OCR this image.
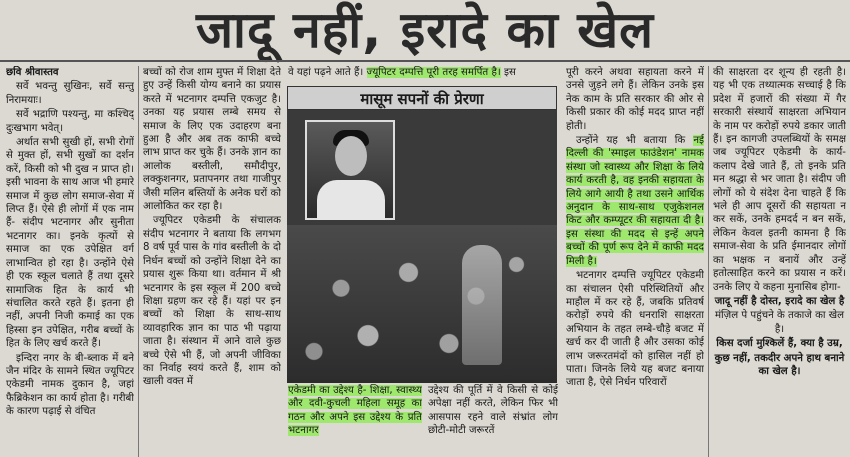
जादू नहीं, इरादे का खेल

छवि श्रीवास्तव

सर्वे भवन्तु सुखिनः, सर्वे सन्तु निरामयाः।

सर्वे भद्राणि पश्यन्तु, मा कश्चिद् दुःखभाग भवेत्।

अर्थात सभी सुखी हों, सभी रोगों से मुक्त हों, सभी सुखों का दर्शन करें, किसी को भी दुख न प्राप्त हो। इसी भावना के साथ आज भी हमारे समाज में कुछ लोग समाज-सेवा में लिप्त हैं। ऐसे ही लोगों में एक नाम हैं- संदीप भटनागर और सुनीता भटनागर का। इनके कृत्यों से समाज का एक उपेक्षित वर्ग लाभान्वित हो रहा है। उन्होंने ऐसे ही एक स्कूल चलाते हैं तथा दूसरे सामाजिक हित के कार्य भी संचालित करते रहते हैं। इतना ही नहीं, अपनी निजी कमाई का एक हिस्सा इन उपेक्षित, गरीब बच्चों के हित के लिए खर्च करते हैं।

इन्दिरा नगर के बी-ब्लाक में बने जैन मंदिर के सामने स्थित ज्यूपिटर एकेडमी नामक दुकान है, जहां फैब्रिकेशन का कार्य होता है। गरीबी के कारण पढ़ाई से वंचित

बच्चों को रोज शाम मुफ्त में शिक्षा देते हुए उन्हें किसी योग्य बनाने का प्रयास करते में भटनागर दम्पत्ति एकजुट है। उनका यह प्रयास लम्बे समय से समाज के लिए एक उदाहरण बना हुआ है और अब तक काफी बच्चे लाभ प्राप्त कर चुके हैं। उनके ज्ञान का आलोक बस्तीली, समौदीपुर, लक्कुशनगर, प्रतापनगर तथा गाजीपुर जैसी मलिन बस्तियों के अनेक घरों को आलोकित कर रहा है।

ज्यूपिटर एकेडमी के संचालक संदीप भटनागर ने बताया कि लगभग 8 वर्ष पूर्व पास के गांव बस्तीली के दो निर्धन बच्चों को उन्होंने शिक्षा देने का प्रयास शुरू किया था। वर्तमान में श्री भटनागर के इस स्कूल में 200 बच्चे शिक्षा ग्रहण कर रहे हैं। यहां पर इन बच्चों को शिक्षा के साथ-साथ व्यावहारिक ज्ञान का पाठ भी पढ़ाया जाता है। संस्थान में आने वाले कुछ बच्चे ऐसे भी हैं, जो अपनी जीविका का निर्वाह स्वयं करते हैं, शाम को खाली वक्त में

वे यहां पढ़ने आते हैं। ज्यूपिटर दम्पत्ति पूरी तरह समर्पित है। इस
मासूम सपनों की प्रेरणा
एकेडमी का उद्देश्य है- शिक्षा, स्वास्थ्य और दवी-कुचली महिला समूह का गठन और अपने इस उद्देश्य के प्रति भटनागर

उद्देश्य की पूर्ति में वे किसी से कोई अपेक्षा नहीं करते, लेकिन फिर भी आसपास रहने वाले संभ्रांत लोग छोटी-मोटी जरूरतें

पूरी करने अथवा सहायता करने में उनसे जुड़ने लगे हैं। लेकिन उनके इस नेक काम के प्रति सरकार की ओर से किसी प्रकार की कोई मदद प्राप्त नहीं होती।

उन्होंने यह भी बताया कि नई दिल्ली की 'स्माइल फाउंडेशन' नामक संस्था जो स्वास्थ्य और शिक्षा के लिये कार्य करती है, वह इनकी सहायता के लिये आगे आयी है तथा उसने आर्थिक अनुदान के साथ-साथ एजुकेशनल किट और कम्प्यूटर की सहायता दी है। इस संस्था की मदद से इन्हें अपने बच्चों की पूर्ण रूप देने में काफी मदद मिली है।

भटनागर दम्पत्ति ज्यूपिटर एकेडमी का संचालन ऐसी परिस्थितियों और माहौल में कर रहे हैं, जबकि प्रतिवर्ष करोड़ों रुपये की धनराशि साक्षरता अभियान के तहत लम्बे-चौड़े बजट में खर्च कर दी जाती है और उसका कोई लाभ जरूरतमंदों को हासिल नहीं हो पाता। जिनके लिये यह बजट बनाया जाता है, ऐसे निर्धन परिवारों

की साक्षरता दर शून्य ही रहती है। यह भी एक तथ्यात्मक सच्चाई है कि प्रदेश में हजारों की संख्या में गैर सरकारी संस्थायें साक्षरता अभियान के नाम पर करोड़ों रुपये डकार जाती हैं। इन कागजी उपलब्धियों के समक्ष जब ज्यूपिटर एकेडमी के कार्य-कलाप देखे जाते हैं, तो इनके प्रति मन श्रद्धा से भर जाता है। संदीप जी लोगों को ये संदेश देना चाहते हैं कि भले ही आप दूसरों की सहायता न कर सकें, उनके हमदर्द न बन सकें, लेकिन केवल इतनी कामना है कि समाज-सेवा के प्रति ईमानदार लोगों का भक्षक न बनायें और उन्हें हतोत्साहित करने का प्रयास न करें। उनके लिए ये कहना मुनासिब होगा-

जादू नहीं है दोस्त, इरादे का खेल है

मंज़िल पे पहुंचने के तकाजे का खेल है।

किस दर्जा मुश्किलें हैं, क्या है उम्र,

कुछ नहीं, तकदीर अपने हाथ बनाने का खेल है।
